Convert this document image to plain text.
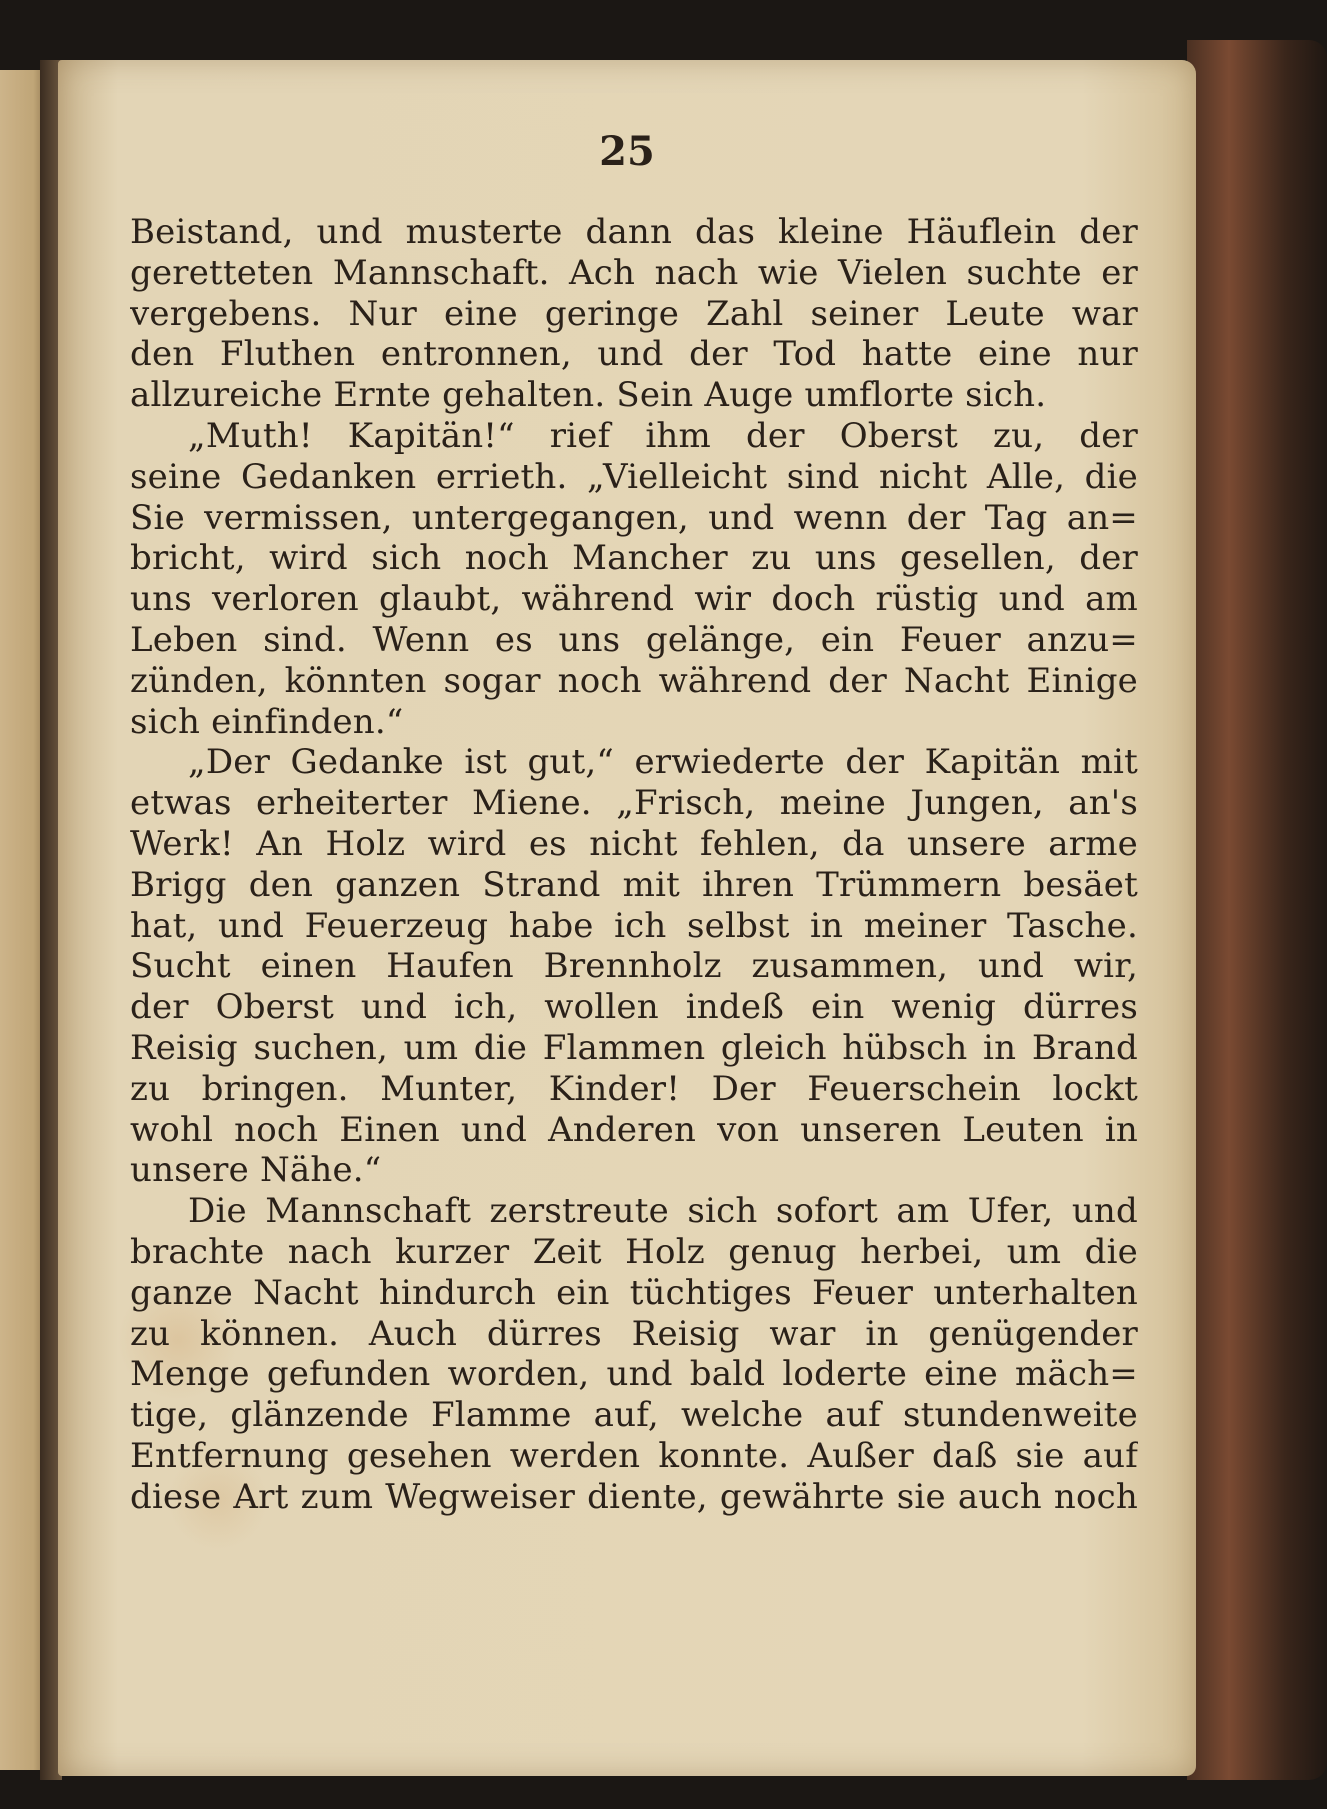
25
Beistand, und musterte dann das kleine Häuflein der
geretteten Mannschaft. Ach nach wie Vielen suchte er
vergebens. Nur eine geringe Zahl seiner Leute war
den Fluthen entronnen, und der Tod hatte eine nur
allzureiche Ernte gehalten. Sein Auge umflorte sich.
„Muth! Kapitän!“ rief ihm der Oberst zu, der
seine Gedanken errieth. „Vielleicht sind nicht Alle, die
Sie vermissen, untergegangen, und wenn der Tag an=
bricht, wird sich noch Mancher zu uns gesellen, der
uns verloren glaubt, während wir doch rüstig und am
Leben sind. Wenn es uns gelänge, ein Feuer anzu=
zünden, könnten sogar noch während der Nacht Einige
sich einfinden.“
„Der Gedanke ist gut,“ erwiederte der Kapitän mit
etwas erheiterter Miene. „Frisch, meine Jungen, an's
Werk! An Holz wird es nicht fehlen, da unsere arme
Brigg den ganzen Strand mit ihren Trümmern besäet
hat, und Feuerzeug habe ich selbst in meiner Tasche.
Sucht einen Haufen Brennholz zusammen, und wir,
der Oberst und ich, wollen indeß ein wenig dürres
Reisig suchen, um die Flammen gleich hübsch in Brand
zu bringen. Munter, Kinder! Der Feuerschein lockt
wohl noch Einen und Anderen von unseren Leuten in
unsere Nähe.“
Die Mannschaft zerstreute sich sofort am Ufer, und
brachte nach kurzer Zeit Holz genug herbei, um die
ganze Nacht hindurch ein tüchtiges Feuer unterhalten
zu können. Auch dürres Reisig war in genügender
Menge gefunden worden, und bald loderte eine mäch=
tige, glänzende Flamme auf, welche auf stundenweite
Entfernung gesehen werden konnte. Außer daß sie auf
diese Art zum Wegweiser diente, gewährte sie auch noch
